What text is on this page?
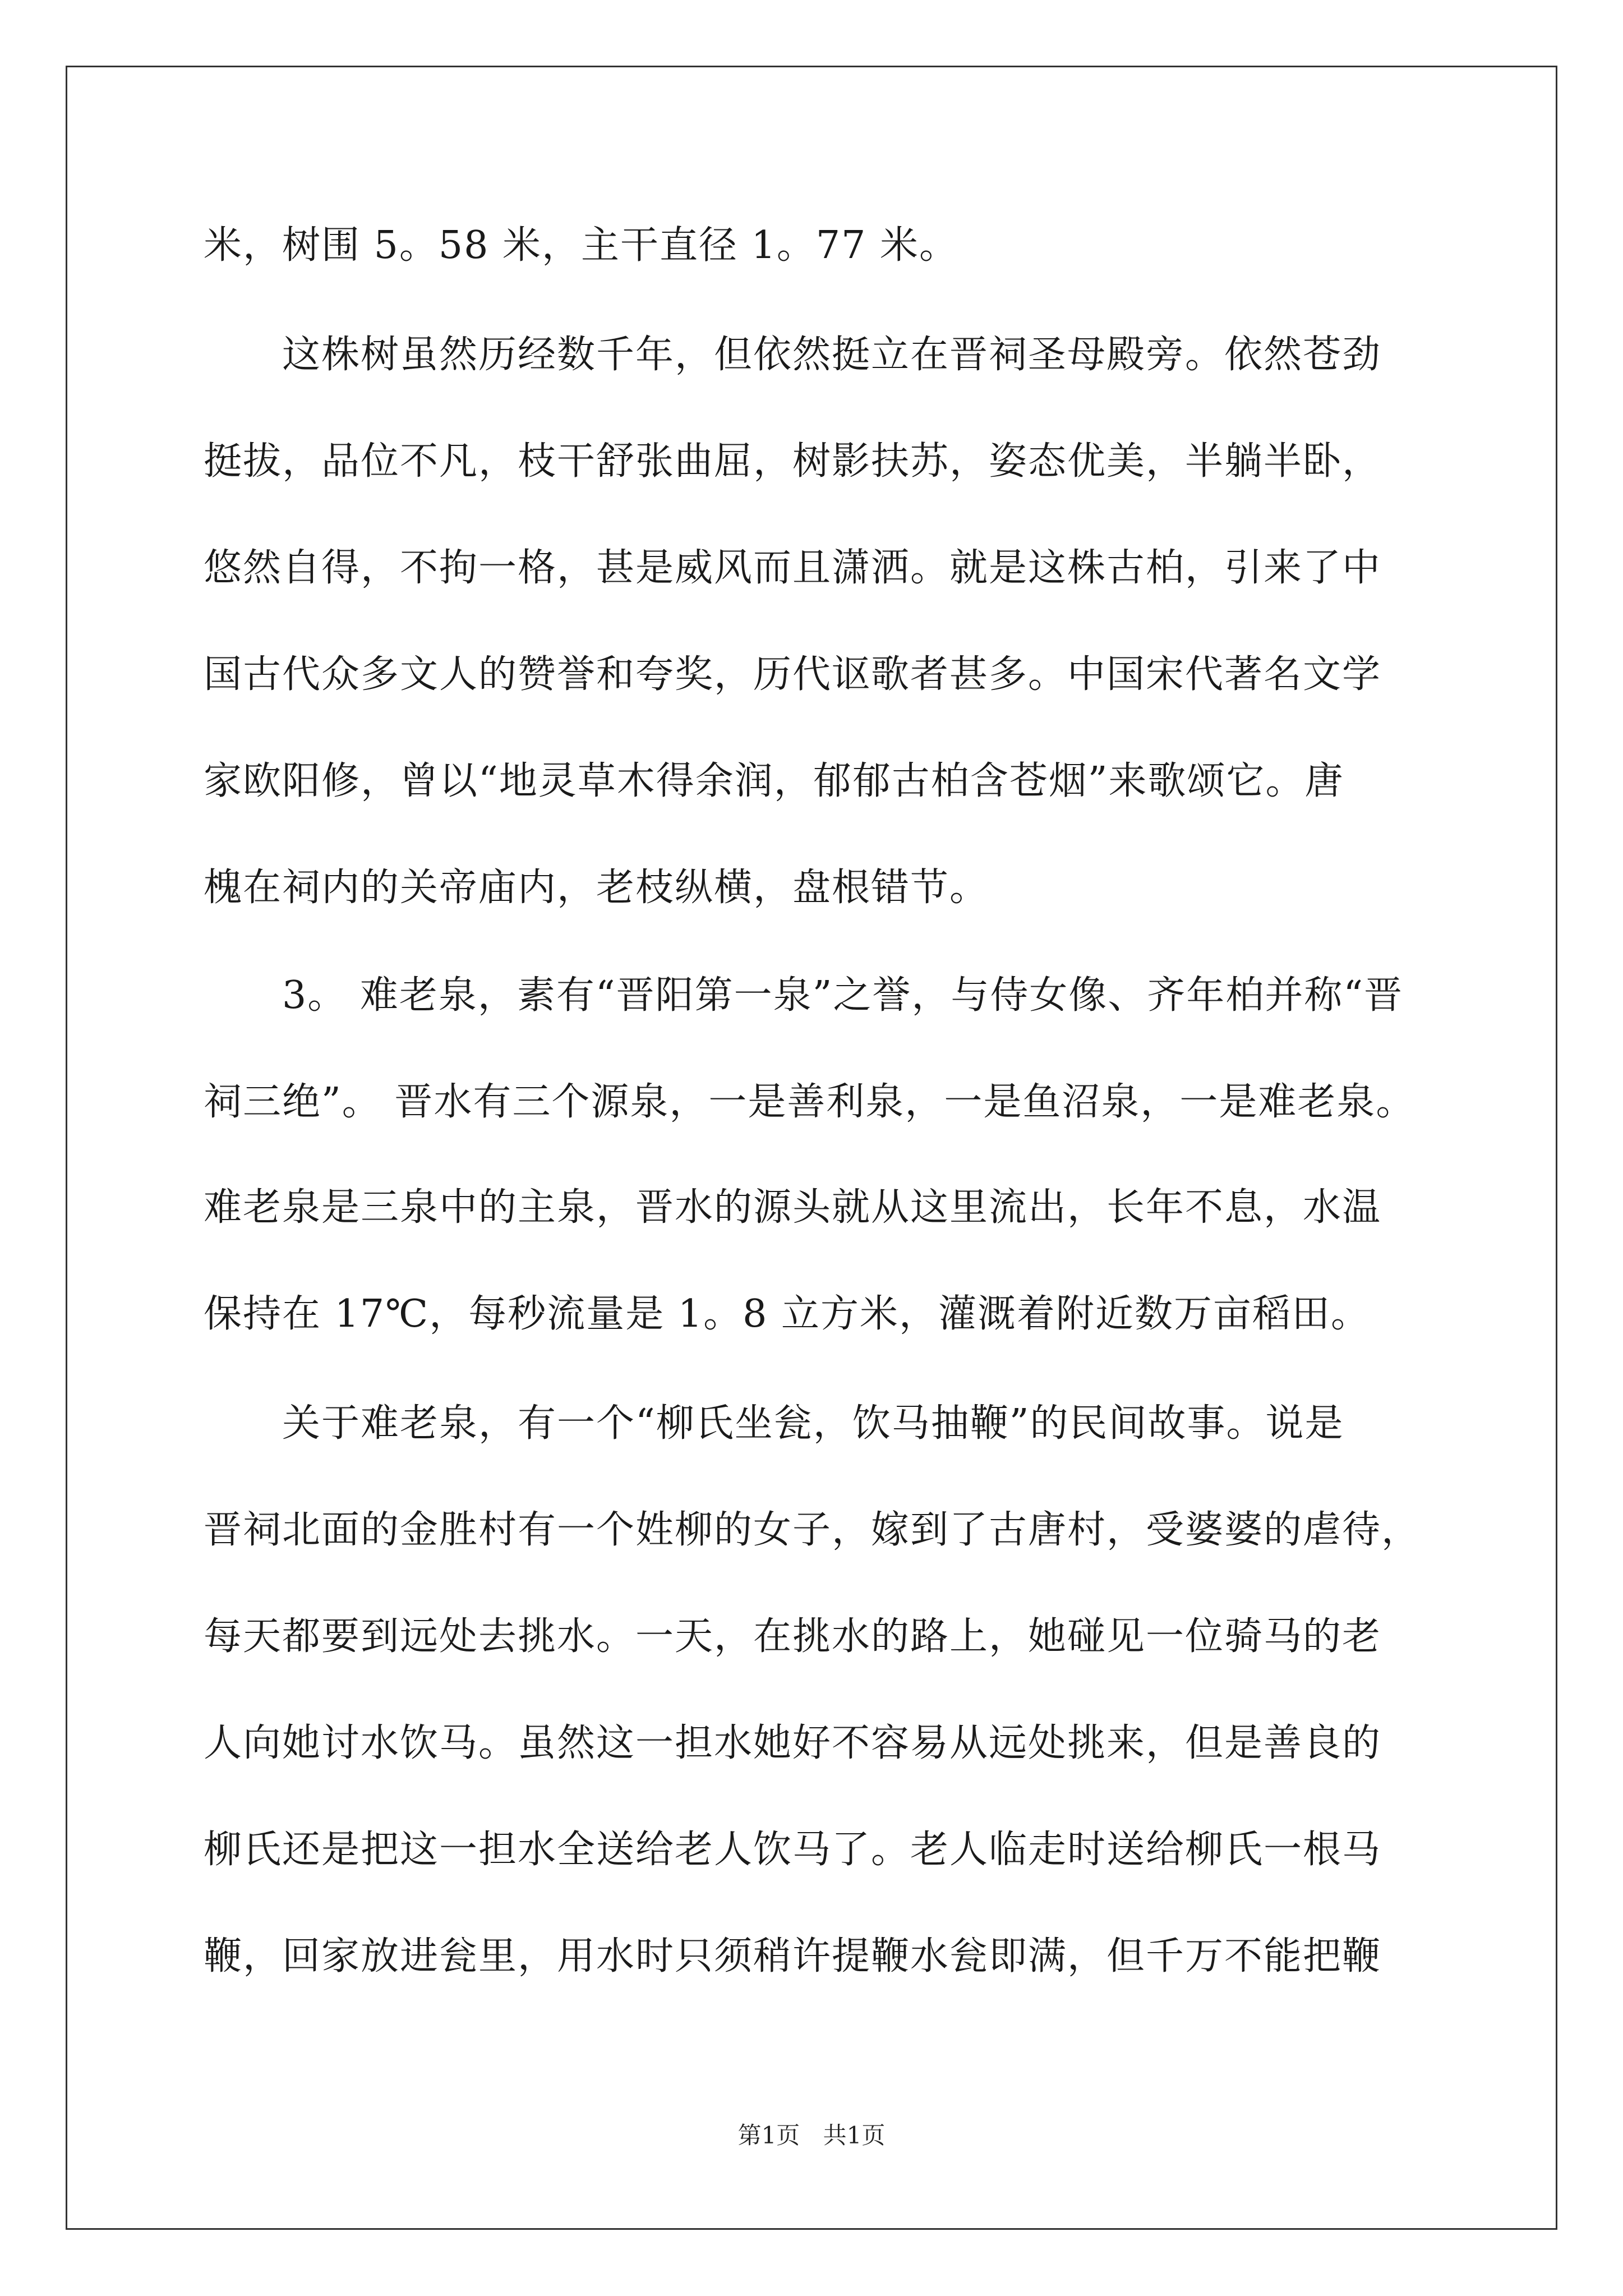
米，树围 5。58 米，主干直径 1。77 米。
　　这株树虽然历经数千年，但依然挺立在晋祠圣母殿旁。依然苍劲
挺拔，品位不凡，枝干舒张曲屈，树影扶苏，姿态优美，半躺半卧，
悠然自得，不拘一格，甚是威风而且潇洒。就是这株古柏，引来了中
国古代众多文人的赞誉和夸奖，历代讴歌者甚多。中国宋代著名文学
家欧阳修，曾以“地灵草木得余润，郁郁古柏含苍烟”来歌颂它。唐
槐在祠内的关帝庙内，老枝纵横，盘根错节。
　　3。 难老泉，素有“晋阳第一泉”之誉，与侍女像、齐年柏并称“晋
祠三绝”。 晋水有三个源泉，一是善利泉，一是鱼沼泉，一是难老泉。
难老泉是三泉中的主泉，晋水的源头就从这里流出，长年不息，水温
保持在 17℃，每秒流量是 1。8 立方米，灌溉着附近数万亩稻田。
　　关于难老泉，有一个“柳氏坐瓮，饮马抽鞭”的民间故事。说是
晋祠北面的金胜村有一个姓柳的女子，嫁到了古唐村，受婆婆的虐待，
每天都要到远处去挑水。一天，在挑水的路上，她碰见一位骑马的老
人向她讨水饮马。虽然这一担水她好不容易从远处挑来，但是善良的
柳氏还是把这一担水全送给老人饮马了。老人临走时送给柳氏一根马
鞭，回家放进瓮里，用水时只须稍许提鞭水瓮即满，但千万不能把鞭
第1页 共1页
